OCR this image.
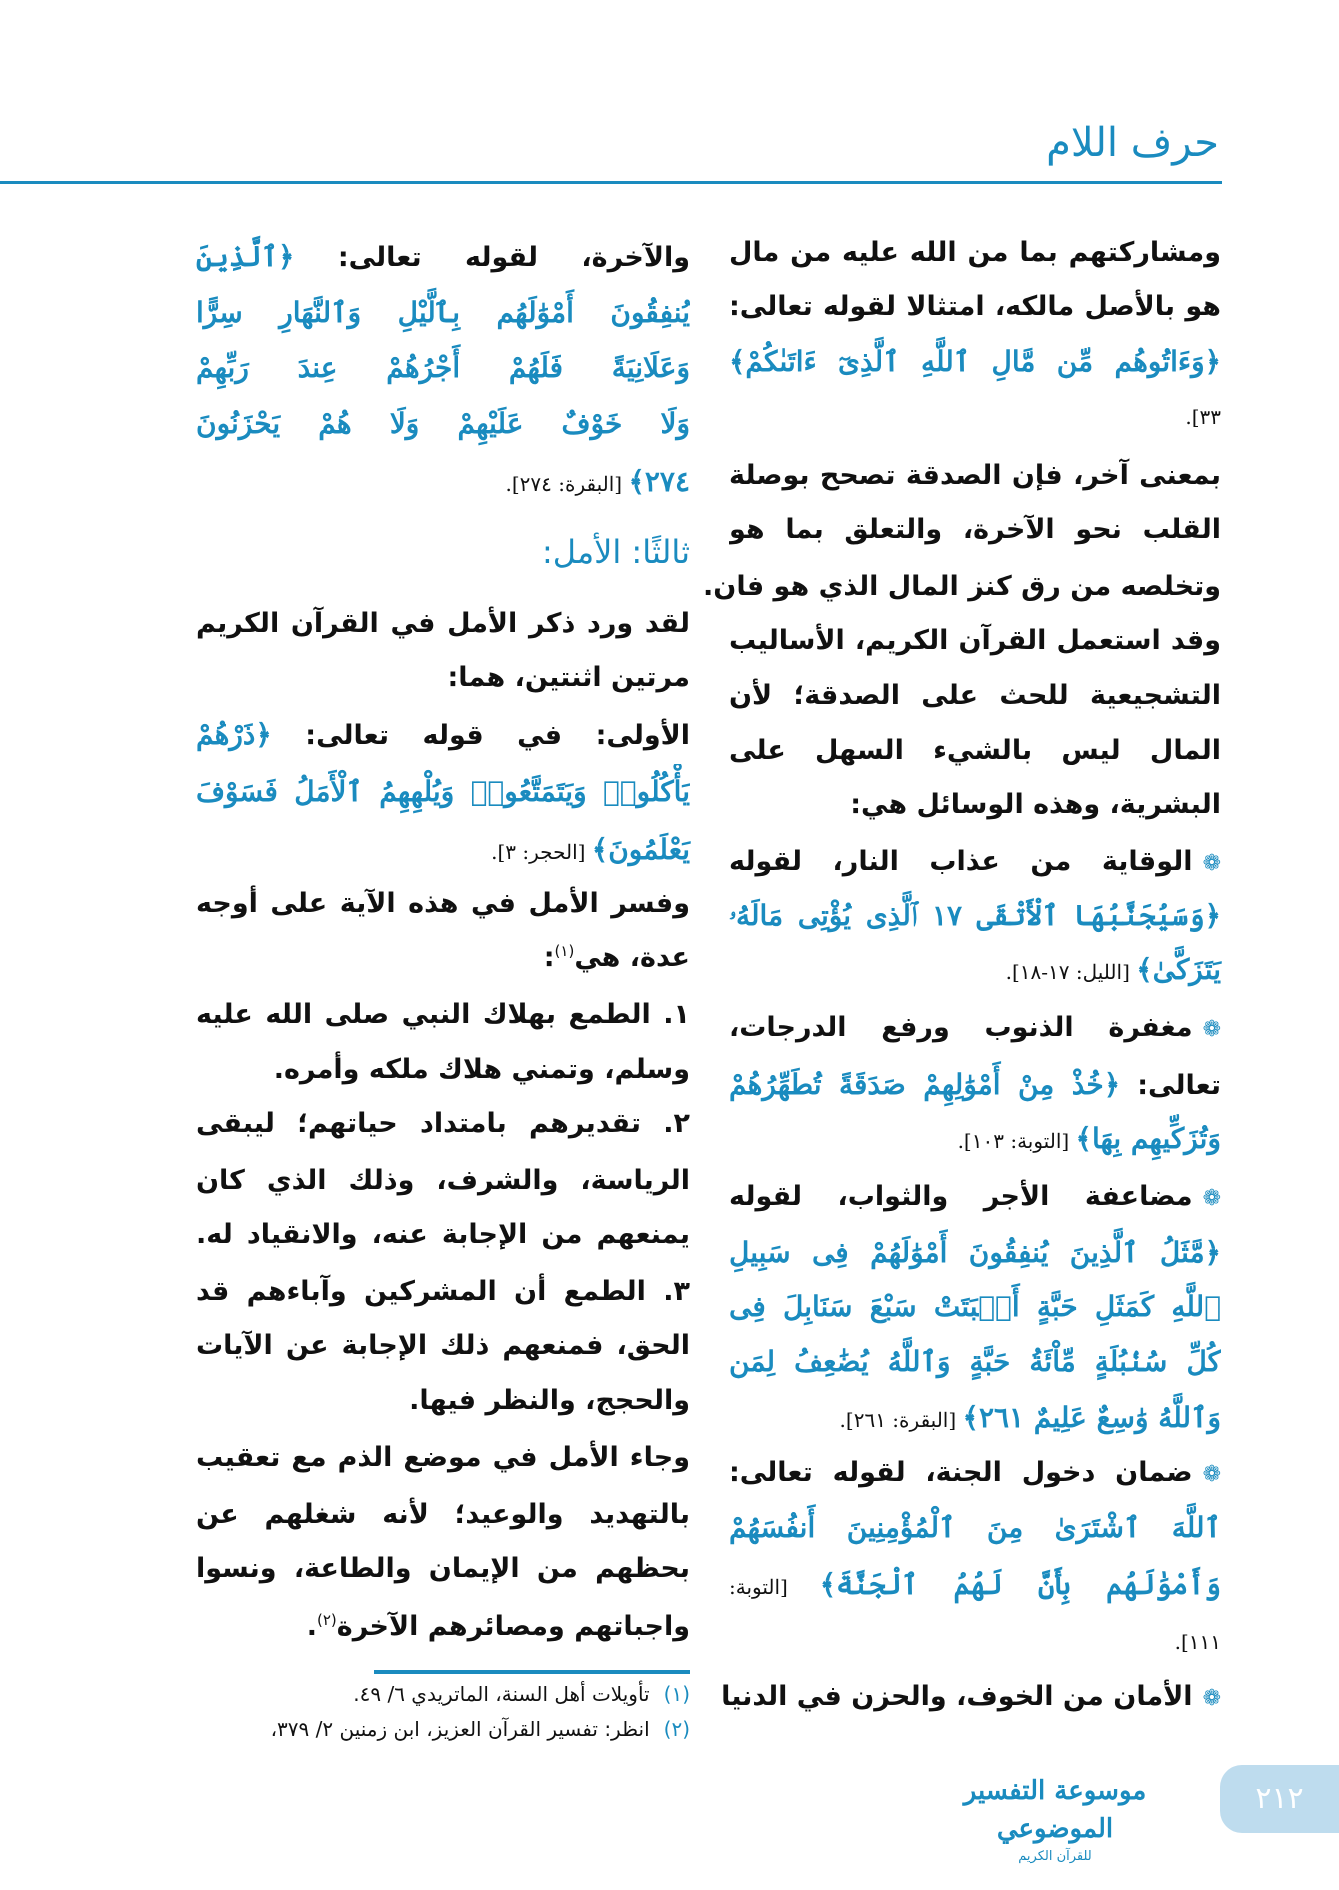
حرف اللام
ومشاركتهم بما من الله عليه من مال
هو بالأصل مالكه، امتثالا لقوله تعالى:
﴿وَءَاتُوهُم مِّن مَّالِ ٱللَّهِ ٱلَّذِىٓ ءَاتَىٰكُمْ﴾
٣٣].
بمعنى آخر، فإن الصدقة تصحح بوصلة
القلب نحو الآخرة، والتعلق بما هو
وتخلصه من رق كنز المال الذي هو فان.
وقد استعمل القرآن الكريم، الأساليب
التشجيعية للحث على الصدقة؛ لأن
المال ليس بالشيء السهل على
البشرية، وهذه الوسائل هي:
❁الوقاية من عذاب النار، لقوله
﴿وَسَيُجَنَّبُهَا ٱلْأَتْقَى ١٧ ٱلَّذِى يُؤْتِى مَالَهُۥ
يَتَزَكَّىٰ﴾ [الليل: ١٧-١٨].
❁مغفرة الذنوب ورفع الدرجات،
تعالى: ﴿خُذْ مِنْ أَمْوَٰلِهِمْ صَدَقَةً تُطَهِّرُهُمْ
وَتُزَكِّيهِم بِهَا﴾ [التوبة: ١٠٣].
❁مضاعفة الأجر والثواب، لقوله
﴿مَّثَلُ ٱلَّذِينَ يُنفِقُونَ أَمْوَٰلَهُمْ فِى سَبِيلِ
ٱللَّهِ كَمَثَلِ حَبَّةٍ أَنۢبَتَتْ سَبْعَ سَنَابِلَ فِى
كُلِّ سُنۢبُلَةٍ مِّاْئَةُ حَبَّةٍ وَٱللَّهُ يُضَٰعِفُ لِمَن
وَٱللَّهُ وَٰسِعٌ عَلِيمٌ ٢٦١﴾ [البقرة: ٢٦١].
❁ضمان دخول الجنة، لقوله تعالى:
ٱللَّهَ ٱشْتَرَىٰ مِنَ ٱلْمُؤْمِنِينَ أَنفُسَهُمْ
وَأَمْوَٰلَهُم بِأَنَّ لَهُمُ ٱلْجَنَّةَ﴾ [التوبة:
١١١].
❁الأمان من الخوف، والحزن في الدنيا
والآخرة، لقوله تعالى: ﴿ٱلَّذِينَ
يُنفِقُونَ أَمْوَٰلَهُم بِٱلَّيْلِ وَٱلنَّهَارِ سِرًّا
وَعَلَانِيَةً فَلَهُمْ أَجْرُهُمْ عِندَ رَبِّهِمْ
وَلَا خَوْفٌ عَلَيْهِمْ وَلَا هُمْ يَحْزَنُونَ
٢٧٤﴾ [البقرة: ٢٧٤].
ثالثًا: الأمل:
لقد ورد ذكر الأمل في القرآن الكريم
مرتين اثنتين، هما:
الأولى: في قوله تعالى: ﴿ذَرْهُمْ
يَأْكُلُوا۟ وَيَتَمَتَّعُوا۟ وَيُلْهِهِمُ ٱلْأَمَلُ فَسَوْفَ
يَعْلَمُونَ﴾ [الحجر: ٣].
وفسر الأمل في هذه الآية على أوجه
عدة، هي$^{(١)}$:
١. الطمع بهلاك النبي صلى الله عليه
وسلم، وتمني هلاك ملكه وأمره.
٢. تقديرهم بامتداد حياتهم؛ ليبقى
الرياسة، والشرف، وذلك الذي كان
يمنعهم من الإجابة عنه، والانقياد له.
٣. الطمع أن المشركين وآباءهم قد
الحق، فمنعهم ذلك الإجابة عن الآيات
والحجج، والنظر فيها.
وجاء الأمل في موضع الذم مع تعقيب
بالتهديد والوعيد؛ لأنه شغلهم عن
بحظهم من الإيمان والطاعة، ونسوا
واجباتهم ومصائرهم الآخرة$^{(٢)}$.
(١)تأويلات أهل السنة، الماتريدي ٦/ ٤٩.
(٢)انظر: تفسير القرآن العزيز، ابن زمنين ٢/ ٣٧٩،
موسوعة التفسير الموضوعي
للقرآن الكريم
٢١٢
